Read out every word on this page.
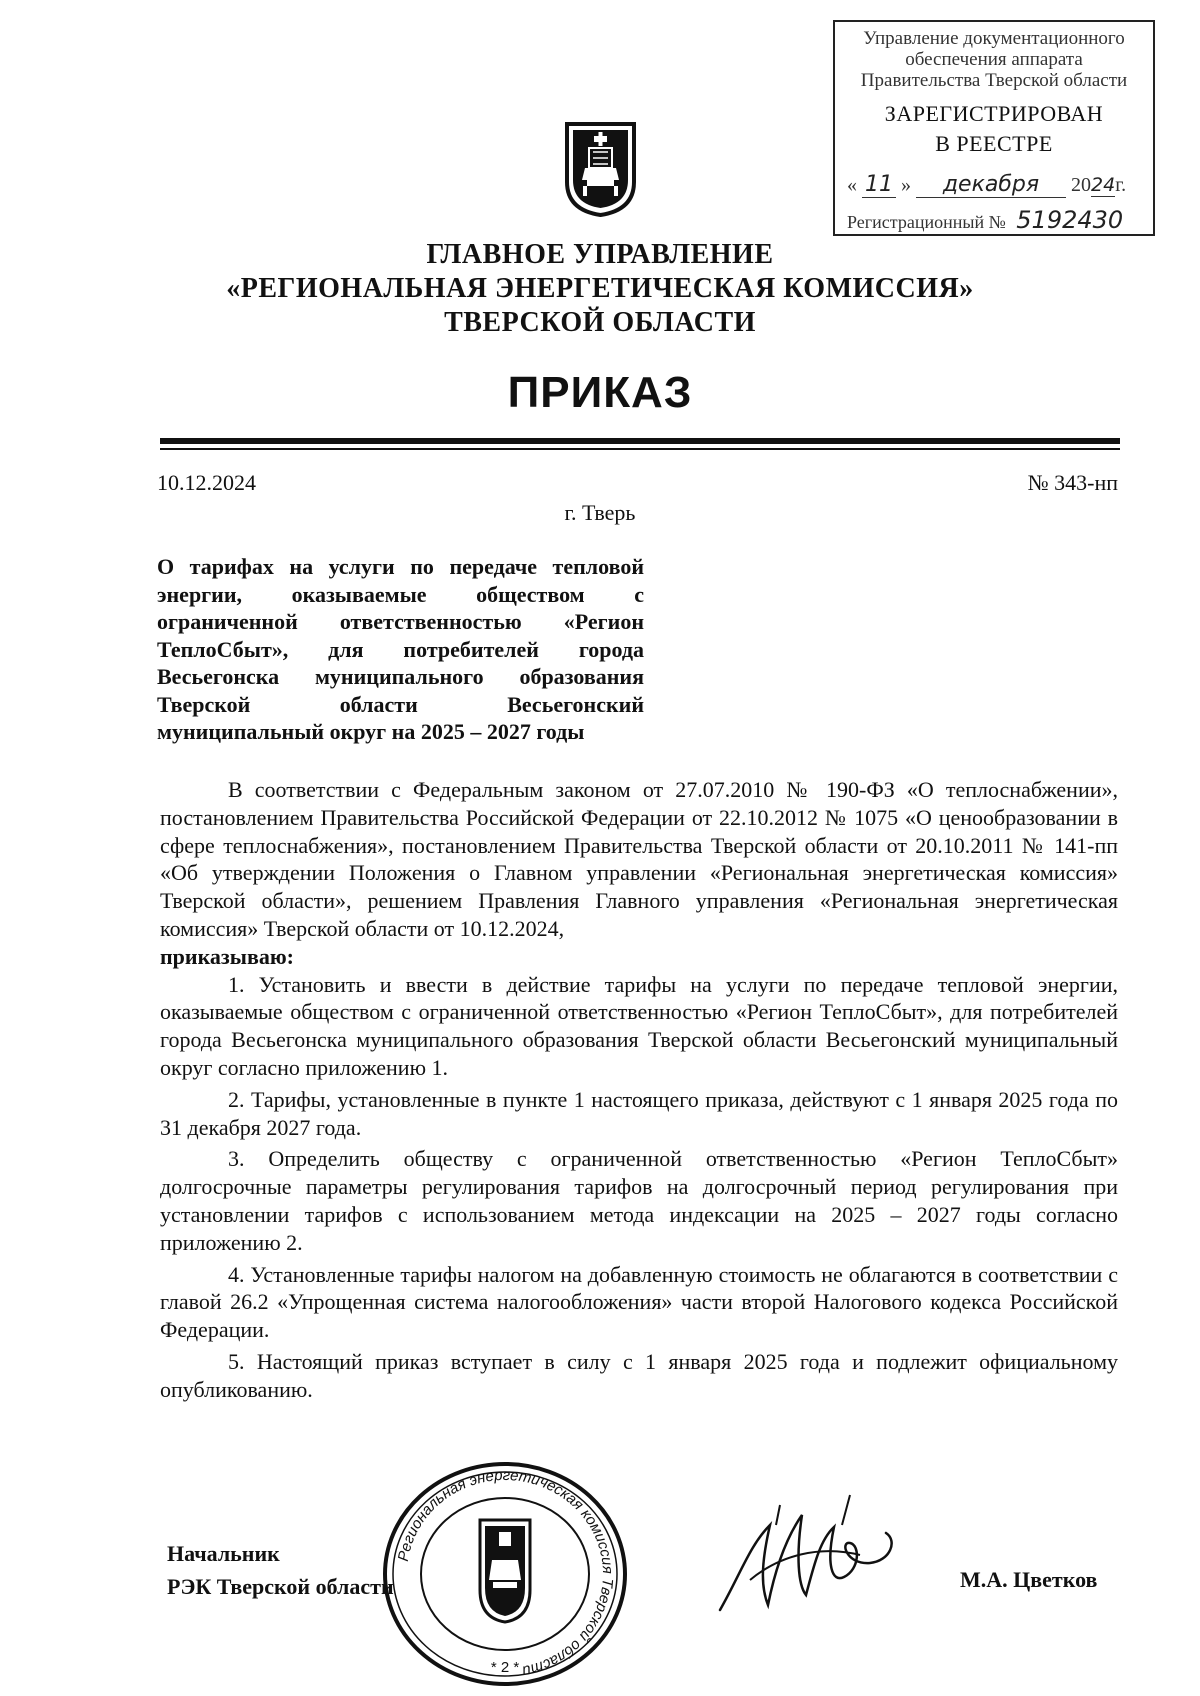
Управление документационного
обеспечения аппарата
Правительства Тверской области
ЗАРЕГИСТРИРОВАН
В РЕЕСТРЕ
« 11 » декабря 2024г.
Регистрационный № 5192430
ГЛАВНОЕ УПРАВЛЕНИЕ
«РЕГИОНАЛЬНАЯ ЭНЕРГЕТИЧЕСКАЯ КОМИССИЯ»
ТВЕРСКОЙ ОБЛАСТИ
ПРИКАЗ
10.12.2024	№ 343-нп
г. Тверь
О тарифах на услуги по передаче тепловой
энергии, оказываемые обществом с
ограниченной ответственностью «Регион
ТеплоСбыт», для потребителей города
Весьегонска муниципального образования
Тверской области Весьегонский
муниципальный округ на 2025 – 2027 годы

В соответствии с Федеральным законом от 27.07.2010 № 190-ФЗ «О теплоснабжении», постановлением Правительства Российской Федерации от 22.10.2012 № 1075 «О ценообразовании в сфере теплоснабжения», постановлением Правительства Тверской области от 20.10.2011 № 141-пп «Об утверждении Положения о Главном управлении «Региональная энергетическая комиссия» Тверской области», решением Правления Главного управления «Региональная энергетическая комиссия» Тверской области от 10.12.2024,

приказываю:

1. Установить и ввести в действие тарифы на услуги по передаче тепловой энергии, оказываемые обществом с ограниченной ответственностью «Регион ТеплоСбыт», для потребителей города Весьегонска муниципального образования Тверской области Весьегонский муниципальный округ согласно приложению 1.

2. Тарифы, установленные в пункте 1 настоящего приказа, действуют с 1 января 2025 года по 31 декабря 2027 года.

3. Определить обществу с ограниченной ответственностью «Регион ТеплоСбыт» долгосрочные параметры регулирования тарифов на долгосрочный период регулирования при установлении тарифов с использованием метода индексации на 2025 – 2027 годы согласно приложению 2.

4. Установленные тарифы налогом на добавленную стоимость не облагаются в соответствии с главой 26.2 «Упрощенная система налогообложения» части второй Налогового кодекса Российской Федерации.

5. Настоящий приказ вступает в силу с 1 января 2025 года и подлежит официальному опубликованию.

Региональная энергетическая комиссия Тверской области
* 2 *
Начальник
РЭК Тверской области	М.А. Цветков
